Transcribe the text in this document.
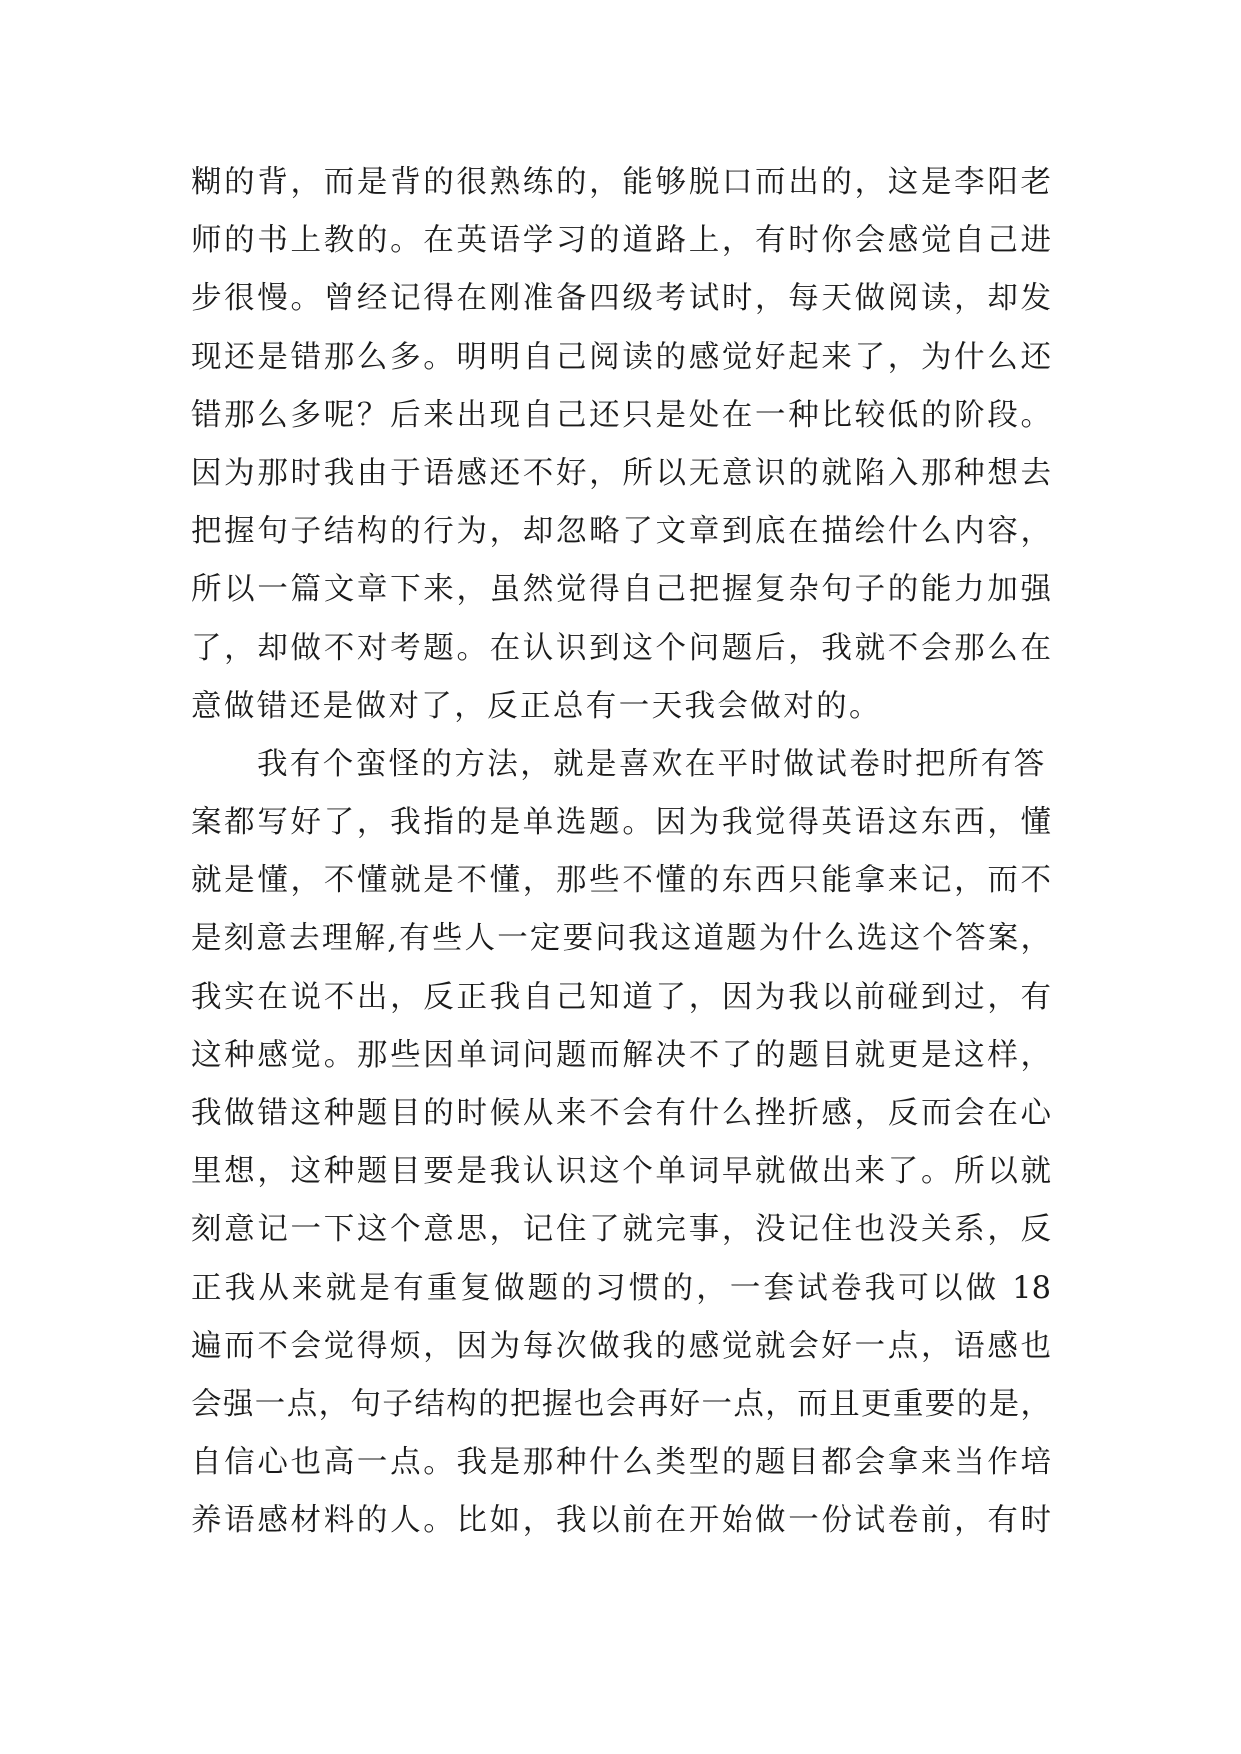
糊的背，而是背的很熟练的，能够脱口而出的，这是李阳老
师的书上教的。在英语学习的道路上，有时你会感觉自己进
步很慢。曾经记得在刚准备四级考试时，每天做阅读，却发
现还是错那么多。明明自己阅读的感觉好起来了，为什么还
错那么多呢？后来出现自己还只是处在一种比较低的阶段。
因为那时我由于语感还不好，所以无意识的就陷入那种想去
把握句子结构的行为，却忽略了文章到底在描绘什么内容，
所以一篇文章下来，虽然觉得自己把握复杂句子的能力加强
了，却做不对考题。在认识到这个问题后，我就不会那么在
意做错还是做对了，反正总有一天我会做对的。
我有个蛮怪的方法，就是喜欢在平时做试卷时把所有答
案都写好了，我指的是单选题。因为我觉得英语这东西，懂
就是懂，不懂就是不懂，那些不懂的东西只能拿来记，而不
是刻意去理解,有些人一定要问我这道题为什么选这个答案，
我实在说不出，反正我自己知道了，因为我以前碰到过，有
这种感觉。那些因单词问题而解决不了的题目就更是这样，
我做错这种题目的时候从来不会有什么挫折感，反而会在心
里想，这种题目要是我认识这个单词早就做出来了。所以就
刻意记一下这个意思，记住了就完事，没记住也没关系，反
正我从来就是有重复做题的习惯的，一套试卷我可以做 18
遍而不会觉得烦，因为每次做我的感觉就会好一点，语感也
会强一点，句子结构的把握也会再好一点，而且更重要的是，
自信心也高一点。我是那种什么类型的题目都会拿来当作培
养语感材料的人。比如，我以前在开始做一份试卷前，有时
